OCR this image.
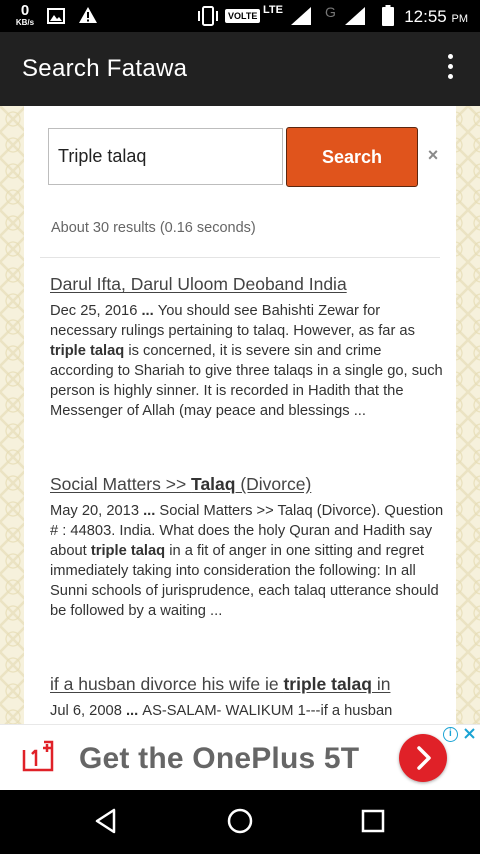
0
KB/s
VOLTE LTE	G	12:55 PM
Search Fatawa
Triple talaq
Search	×
About 30 results (0.16 seconds)
Darul Ifta, Darul Uloom Deoband India
Dec 25, 2016 ... You should see Bahishti Zewar for necessary rulings pertaining to talaq. However, as far as triple talaq is concerned, it is severe sin and crime according to Shariah to give three talaqs in a single go, such person is highly sinner. It is recorded in Hadith that the Messenger of Allah (may peace and blessings ...
Social Matters >> Talaq (Divorce)
May 20, 2013 ... Social Matters >> Talaq (Divorce). Question # : 44803. India. What does the holy Quran and Hadith say about triple talaq in a fit of anger in one sitting and regret immediately taking into consideration the following: In all Sunni schools of jurisprudence, each talaq utterance should be followed by a waiting ...
if a husban divorce his wife ie triple talaq in
Jul 6, 2008 ... AS-SALAM- WALIKUM 1---if a husban
Get the OnePlus 5T
i
